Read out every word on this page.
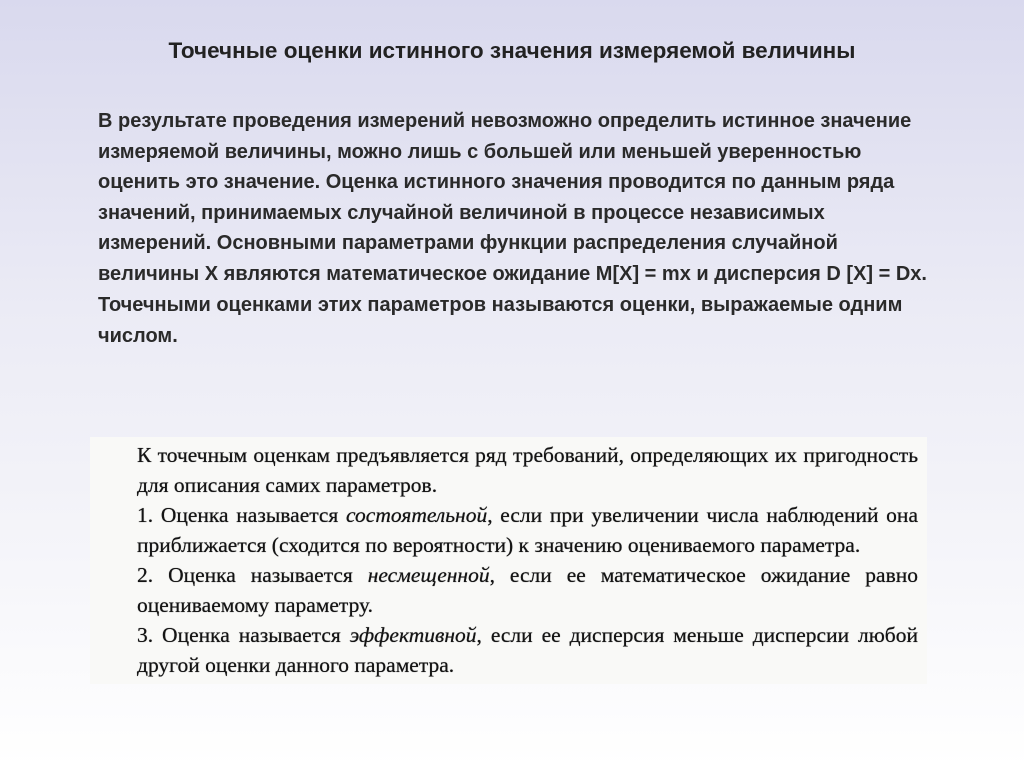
Точечные оценки истинного значения измеряемой величины

В результате проведения измерений невозможно определить истинное значение измеряемой величины, можно лишь с большей или меньшей уверенностью оценить это значение. Оценка истинного значения проводится по данным ряда значений, принимаемых случайной величиной в процессе независимых измерений. Основными параметрами функции распределения случайной величины Х являются математическое ожидание М[X] = mx и дисперсия D [X] = Dx.

Точечными оценками этих параметров называются оценки, выражаемые одним числом.

К точечным оценкам предъявляется ряд требований, определяющих их пригодность для описания самих параметров.

1. Оценка называется состоятельной, если при увеличении числа наблюдений она приближается (сходится по вероятности) к значению оцениваемого параметра.

2. Оценка называется несмещенной, если ее математическое ожидание равно оцениваемому параметру.

3. Оценка называется эффективной, если ее дисперсия меньше дисперсии любой другой оценки данного параметра.
